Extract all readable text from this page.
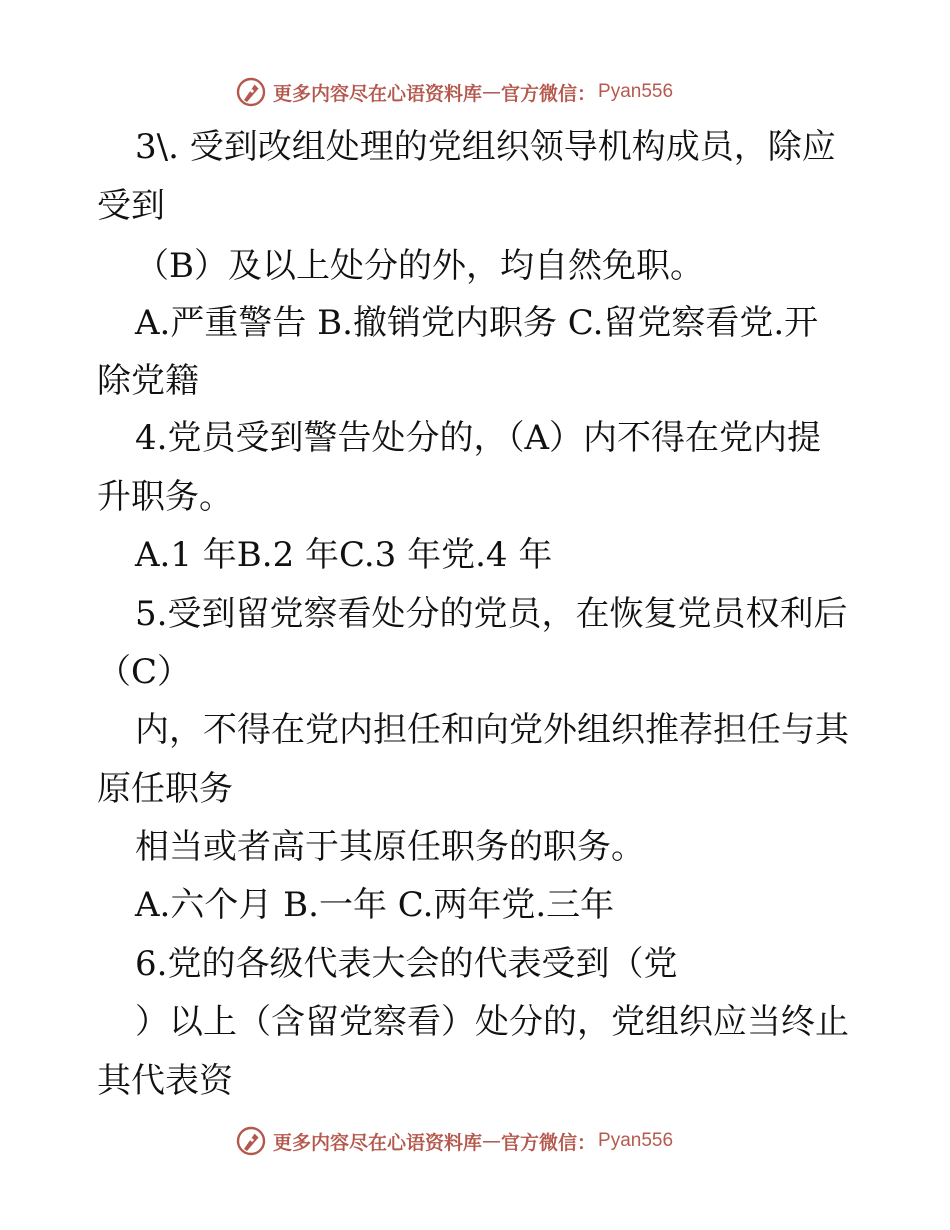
更多内容尽在心语资料库 — 官方微信： Pyan556

3\. 受到改组处理的党组织领导机构成员，除应

受到

（B）及以上处分的外，均自然免职。

A.严重警告 B.撤销党内职务 C.留党察看党.开

除党籍

4.党员受到警告处分的，（A）内不得在党内提

升职务。

A.1 年B.2 年C.3 年党.4 年

5.受到留党察看处分的党员，在恢复党员权利后

（C）

内，不得在党内担任和向党外组织推荐担任与其

原任职务

相当或者高于其原任职务的职务。

A.六个月 B.一年 C.两年党.三年

6.党的各级代表大会的代表受到（党

）以上（含留党察看）处分的，党组织应当终止

其代表资

更多内容尽在心语资料库 — 官方微信： Pyan556
